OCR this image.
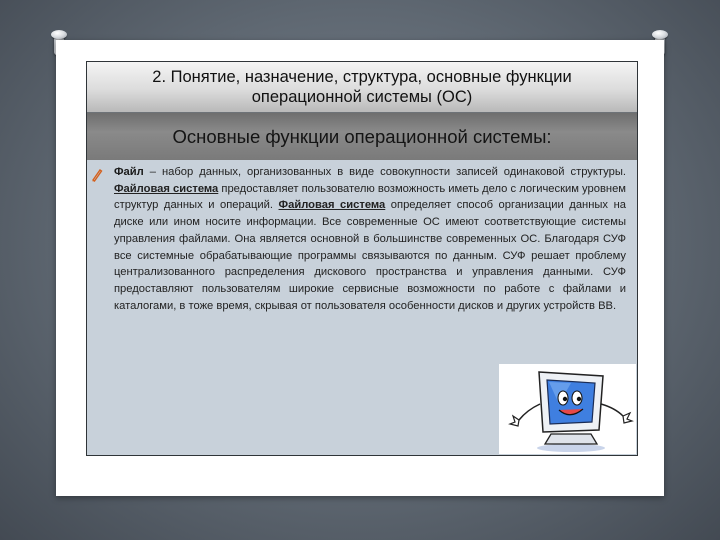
2. Понятие, назначение, структура, основные функции операционной системы (ОС)
Основные функции операционной системы:
Файл – набор данных, организованных в виде совокупности записей одинаковой структуры. Файловая система предоставляет пользователю возможность иметь дело с логическим уровнем структур данных и операций. Файловая система определяет способ организации данных на диске или ином носите информации. Все современные ОС имеют соответствующие системы управления файлами. Она является основной в большинстве современных ОС. Благодаря СУФ все системные обрабатывающие программы связываются по данным. СУФ решает проблему централизованного распределения дискового пространства и управления данными. СУФ предоставляют пользователям широкие сервисные возможности по работе с файлами и каталогами, в тоже время, скрывая от пользователя особенности дисков и других устройств ВВ.
